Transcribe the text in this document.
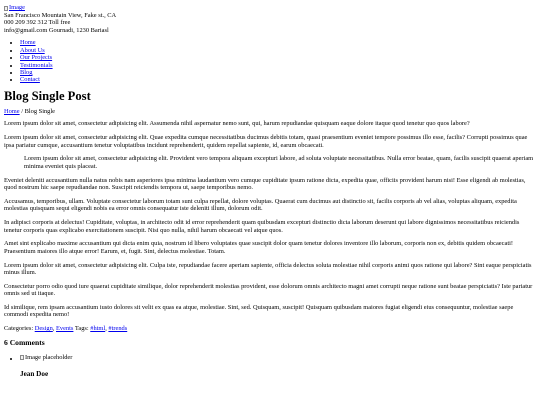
Image
San Francisco Mountain View, Fake st., CA
000 209 392 312 Toll free
info@gmail.com Gournadi, 1230 Bariasl
• Home
• About Us
• Our Projects
• Testimonials
• Blog
• Contact
Blog Single Post
Home / Blog Single

Lorem ipsum dolor sit amet, consectetur adipisicing elit. Assumenda nihil aspernatur nemo sunt, qui, harum repudiandae quisquam eaque dolore itaque quod tenetur quo quos labore?

Lorem ipsum dolor sit amet, consectetur adipisicing elit. Quae expedita cumque necessitatibus ducimus debitis totam, quasi praesentium eveniet tempore possimus illo esse, facilis? Corrupti possimus quae ipsa pariatur cumque, accusantium tenetur voluptatibus incidunt reprehenderit, quidem repellat sapiente, id, earum obcaecati.

Lorem ipsum dolor sit amet, consectetur adipisicing elit. Provident vero tempora aliquam excepturi labore, ad soluta voluptate necessitatibus. Nulla error beatae, quam, facilis suscipit quaerat aperiam minima eveniet quis placeat.

Eveniet deleniti accusantium nulla natus nobis nam asperiores ipsa minima laudantium vero cumque cupiditate ipsum ratione dicta, expedita quae, officiis provident harum nisi! Esse eligendi ab molestias, quod nostrum hic saepe repudiandae non. Suscipit reiciendis tempora ut, saepe temporibus nemo.

Accusamus, temporibus, ullam. Voluptate consectetur laborum totam sunt culpa repellat, dolore voluptas. Quaerat cum ducimus aut distinctio sit, facilis corporis ab vel alias, voluptas aliquam, expedita molestias quisquam sequi eligendi nobis ea error omnis consequatur iste deleniti illum, dolorum odit.

In adipisci corporis at delectus! Cupiditate, voluptas, in architecto odit id error reprehenderit quam quibusdam excepturi distinctio dicta laborum deserunt qui labore dignissimos necessitatibus reiciendis tenetur corporis quas explicabo exercitationem suscipit. Nisi quo nulla, nihil harum obcaecati vel atque quos.

Amet sint explicabo maxime accusantium qui dicta enim quia, nostrum id libero voluptates quae suscipit dolor quam tenetur dolores inventore illo laborum, corporis non ex, debitis quidem obcaecati! Praesentium maiores illo atque error! Earum, et, fugit. Sint, delectus molestiae. Totam.

Lorem ipsum dolor sit amet, consectetur adipisicing elit. Culpa iste, repudiandae facere aperiam sapiente, officia delectus soluta molestiae nihil corporis animi quos ratione qui labore? Sint eaque perspiciatis minus illum.

Consectetur porro odio quod iure quaerat cupiditate similique, dolor reprehenderit molestias provident, esse dolorum omnis architecto magni amet corrupti neque ratione sunt beatae perspiciatis? Iste pariatur omnis sed ut itaque.

Id similique, rem ipsam accusantium iusto dolores sit velit ex quas ea atque, molestiae. Sint, sed. Quisquam, suscipit! Quisquam quibusdam maiores fugiat eligendi eius consequuntur, molestiae saepe commodi expedita nemo!

Categories: Design, Events Tags: #html, #trends
6 Comments
• Image placeholder
Jean Doe
